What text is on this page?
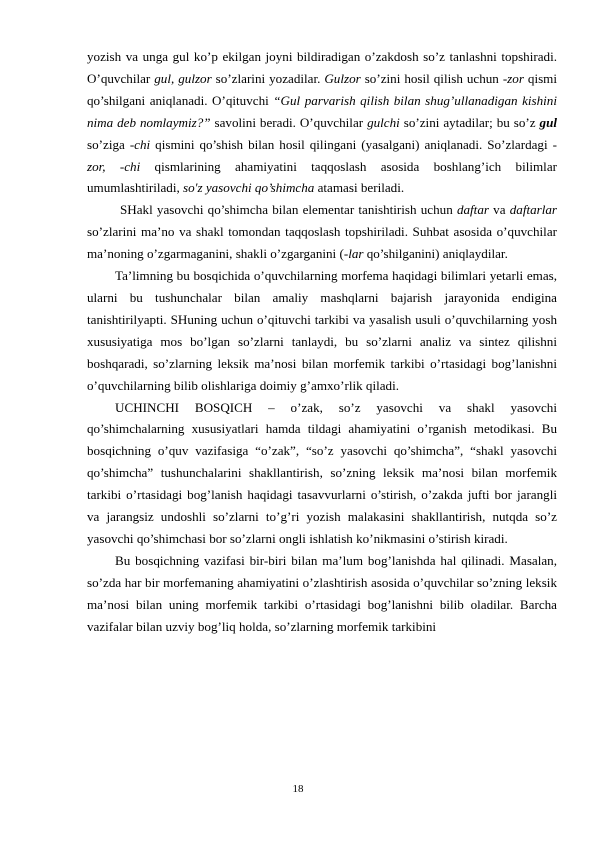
yozish va unga gul ko’p ekilgan joyni bildiradigan o’zakdosh so’z tanlashni topshiradi. O’quvchilar gul, gulzor so’zlarini yozadilar. Gulzor so’zini hosil qilish uchun -zor qismi qo’shilgani aniqlanadi. O’qituvchi “Gul parvarish qilish bilan shug’ullanadigan kishini nima deb nomlaymiz?” savolini beradi. O’quvchilar gulchi so’zini aytadilar; bu so’z gul so’ziga -chi qismini qo’shish bilan hosil qilingani (yasalgani) aniqlanadi. So’zlardagi -zor, -chi qismlarining ahamiyatini taqqoslash asosida boshlang’ich bilimlar umumlashtiriladi, so'z yasovchi qo’shimcha atamasi beriladi.

SHakl yasovchi qo’shimcha bilan elementar tanishtirish uchun daftar va daftarlar so’zlarini ma’no va shakl tomondan taqqoslash topshiriladi. Suhbat asosida o’quvchilar ma’noning o’zgarmaganini, shakli o’zgarganini (-lar qo’shilganini) aniqlaydilar.

Ta’limning bu bosqichida o’quvchilarning morfema haqidagi bilimlari yetarli emas, ularni bu tushunchalar bilan amaliy mashqlarni bajarish jarayonida endigina tanishtirilyapti. SHuning uchun o’qituvchi tarkibi va yasalish usuli o’quvchilarning yosh xususiyatiga mos bo’lgan so’zlarni tanlaydi, bu so’zlarni analiz va sintez qilishni boshqaradi, so’zlarning leksik ma’nosi bilan morfemik tarkibi o’rtasidagi bog’lanishni o’quvchilarning bilib olishlariga doimiy g’amxo’rlik qiladi.

UCHINCHI BOSQICH – o’zak, so’z yasovchi va shakl yasovchi qo’shimchalarning xususiyatlari hamda tildagi ahamiyatini o’rganish metodikasi. Bu bosqichning o’quv vazifasiga “o’zak”, “so’z yasovchi qo’shimcha”, “shakl yasovchi qo’shimcha” tushunchalarini shakllantirish, so’zning leksik ma’nosi bilan morfemik tarkibi o’rtasidagi bog’lanish haqidagi tasavvurlarni o’stirish, o’zakda jufti bor jarangli va jarangsiz undoshli so’zlarni to’g’ri yozish malakasini shakllantirish, nutqda so’z yasovchi qo’shimchasi bor so’zlarni ongli ishlatish ko’nikmasini o’stirish kiradi.

Bu bosqichning vazifasi bir-biri bilan ma’lum bog’lanishda hal qilinadi. Masalan, so’zda har bir morfemaning ahamiyatini o’zlashtirish asosida o’quvchilar so’zning leksik ma’nosi bilan uning morfemik tarkibi o’rtasidagi bog’lanishni bilib oladilar. Barcha vazifalar bilan uzviy bog’liq holda, so’zlarning morfemik tarkibini

18
